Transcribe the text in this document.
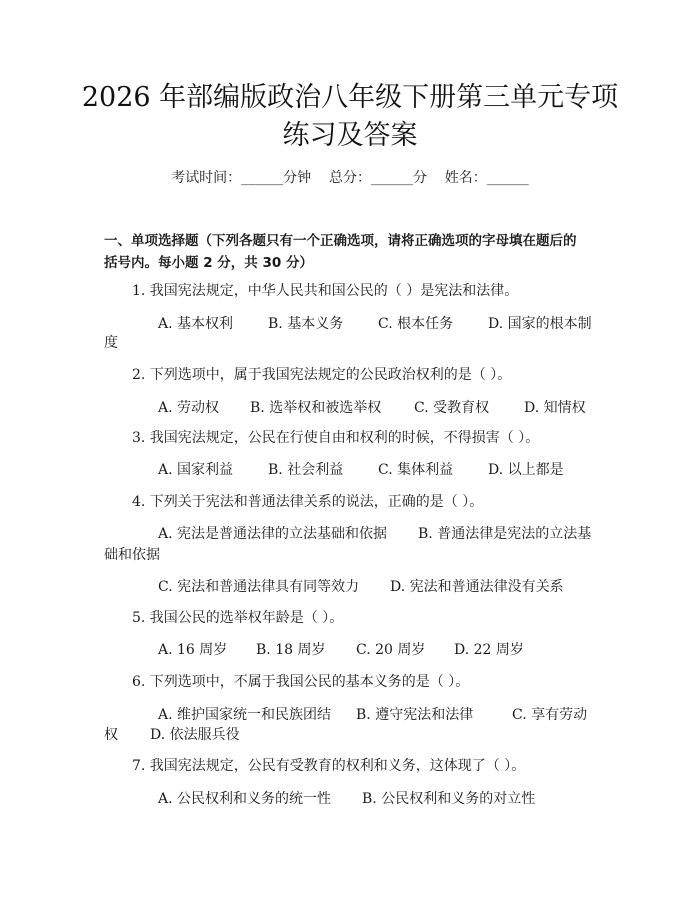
2026 年部编版政治八年级下册第三单元专项
练习及答案
考试时间：______分钟    总分：______分    姓名：______
一、单项选择题（下列各题只有一个正确选项，请将正确选项的字母填在题后的
括号内。每小题 2 分，共 30 分）
1. 我国宪法规定，中华人民共和国公民的（ ）是宪法和法律。
A. 基本权利 B. 基本义务 C. 根本任务 D. 国家的根本制
度
2. 下列选项中，属于我国宪法规定的公民政治权利的是（ ）。
A. 劳动权 B. 选举权和被选举权 C. 受教育权 D. 知情权
3. 我国宪法规定，公民在行使自由和权利的时候，不得损害（ ）。
A. 国家利益 B. 社会利益 C. 集体利益 D. 以上都是
4. 下列关于宪法和普通法律关系的说法，正确的是（ ）。
A. 宪法是普通法律的立法基础和依据 B. 普通法律是宪法的立法基
础和依据
C. 宪法和普通法律具有同等效力 D. 宪法和普通法律没有关系
5. 我国公民的选举权年龄是（ ）。
A. 16 周岁 B. 18 周岁 C. 20 周岁 D. 22 周岁
6. 下列选项中，不属于我国公民的基本义务的是（ ）。
A. 维护国家统一和民族团结 B. 遵守宪法和法律	C. 享有劳动
权 D. 依法服兵役
7. 我国宪法规定，公民有受教育的权利和义务，这体现了（ ）。
A. 公民权利和义务的统一性 B. 公民权利和义务的对立性
